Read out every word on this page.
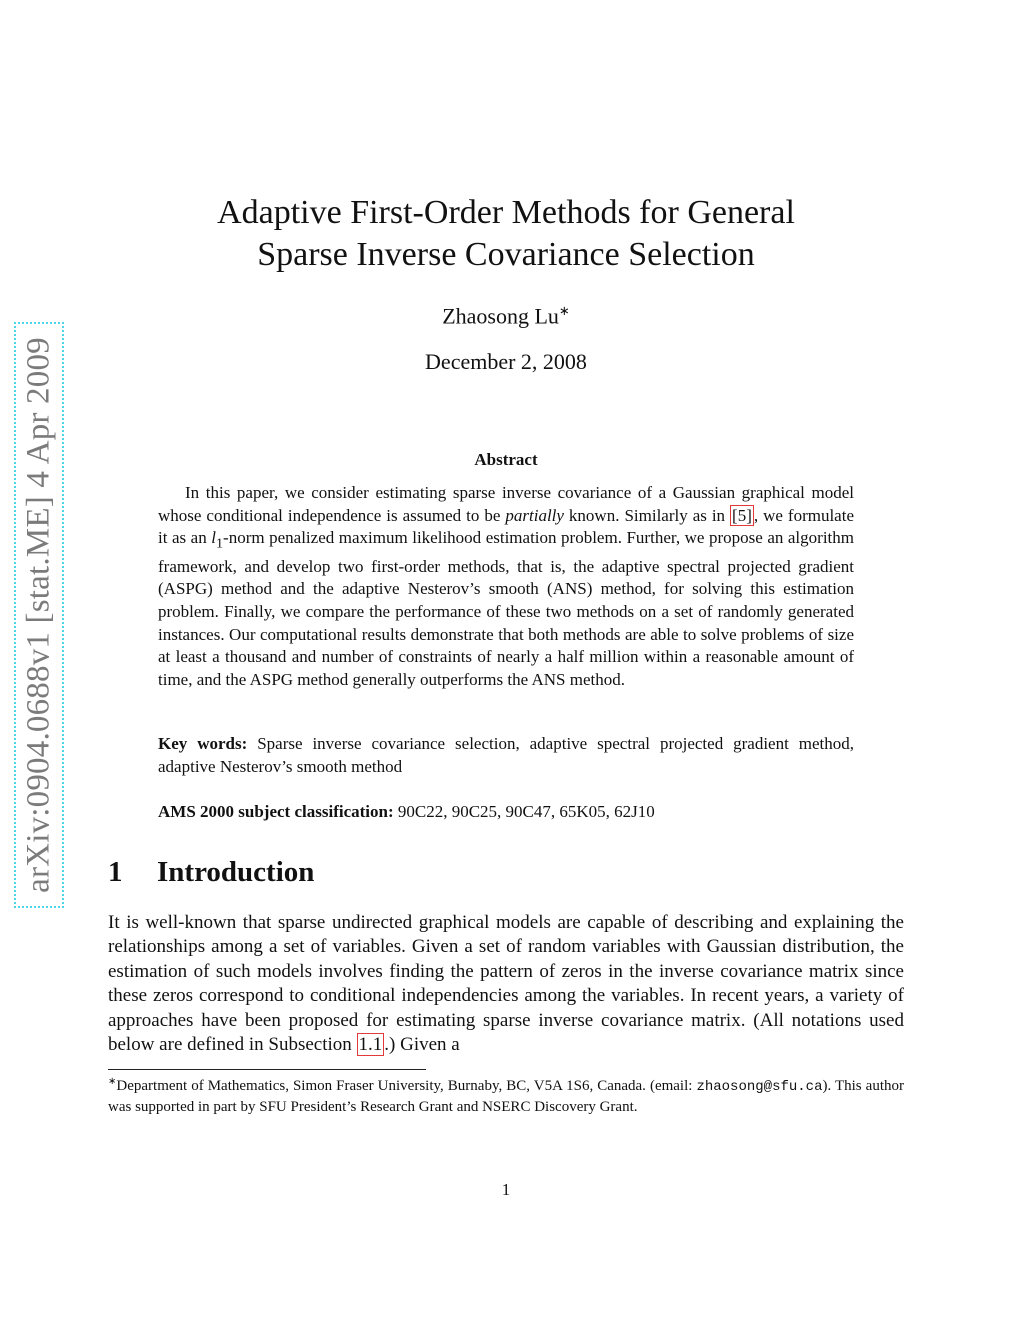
arXiv:0904.0688v1 [stat.ME] 4 Apr 2009
Adaptive First-Order Methods for General
Sparse Inverse Covariance Selection
Zhaosong Lu∗
December 2, 2008
Abstract

In this paper, we consider estimating sparse inverse covariance of a Gaussian graphical model whose conditional independence is assumed to be partially known. Similarly as in [5] , we formulate it as an $l_1$-norm penalized maximum likelihood estimation problem. Further, we propose an algorithm framework, and develop two first-order methods, that is, the adaptive spectral projected gradient (ASPG) method and the adaptive Nesterov’s smooth (ANS) method, for solving this estimation problem. Finally, we compare the performance of these two methods on a set of randomly generated instances. Our computational results demonstrate that both methods are able to solve problems of size at least a thousand and number of constraints of nearly a half million within a reasonable amount of time, and the ASPG method generally outperforms the ANS method.

Key words: Sparse inverse covariance selection, adaptive spectral projected gradient method, adaptive Nesterov’s smooth method

AMS 2000 subject classification: 90C22, 90C25, 90C47, 65K05, 62J10

1 Introduction

It is well-known that sparse undirected graphical models are capable of describing and explaining the relationships among a set of variables. Given a set of random variables with Gaussian distribution, the estimation of such models involves finding the pattern of zeros in the inverse covariance matrix since these zeros correspond to conditional independencies among the variables. In recent years, a variety of approaches have been proposed for estimating sparse inverse covariance matrix. (All notations used below are defined in Subsection 1.1 .) Given a

∗Department of Mathematics, Simon Fraser University, Burnaby, BC, V5A 1S6, Canada. (email: zhaosong@sfu.ca). This author was supported in part by SFU President’s Research Grant and NSERC Discovery Grant.

1
